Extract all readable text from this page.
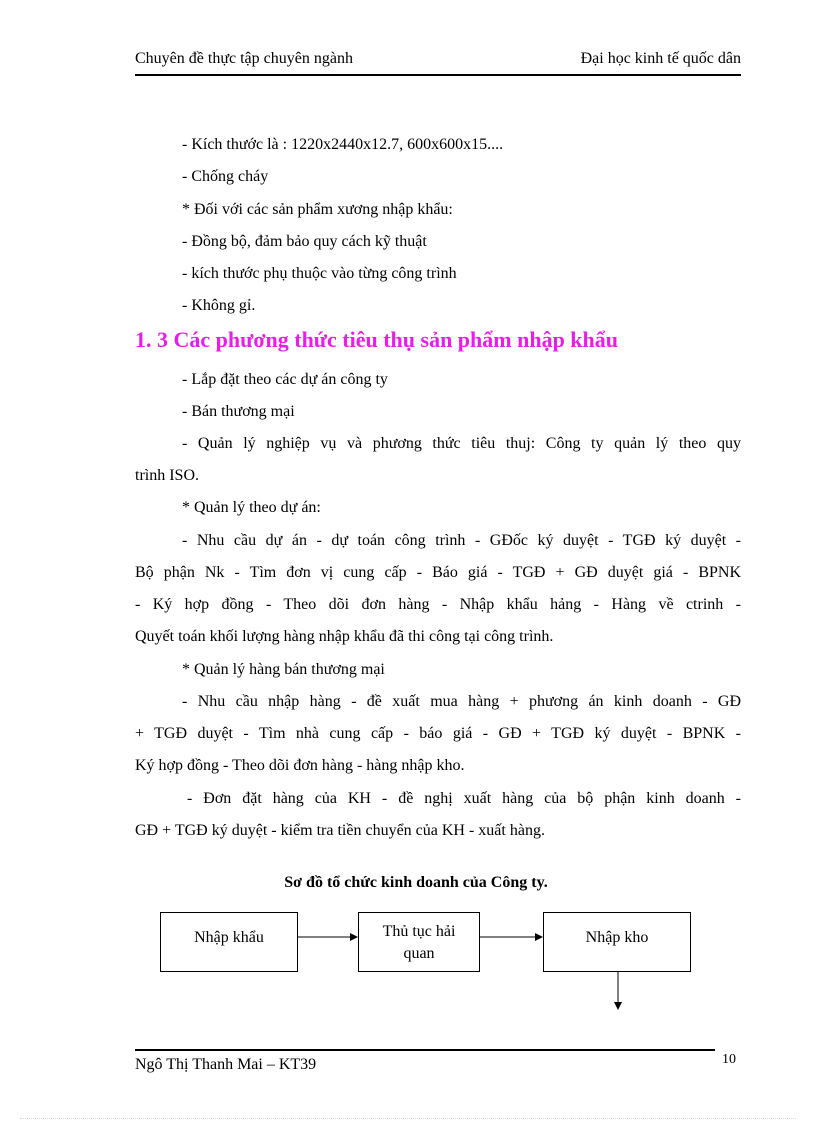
Chuyên đề thực tập chuyên ngành	Đại học kinh tế quốc dân
- Kích thước là : 1220x2440x12.7, 600x600x15....
- Chống cháy
* Đối với các sản phẩm xương nhập khẩu:
- Đồng bộ, đảm bảo quy cách kỹ thuật
- kích thước phụ thuộc vào từng công trình
- Không gỉ.
1. 3 Các phương thức tiêu thụ sản phẩm nhập khẩu
- Lắp đặt theo các dự án công ty
- Bán thương mại
- Quản lý nghiệp vụ và phương thức tiêu thuj: Công ty quản lý theo quy
trình ISO.
* Quản lý theo dự án:
- Nhu cầu dự án - dự toán công trình - GĐốc ký duyệt - TGĐ ký duyệt -
Bộ phận Nk - Tìm đơn vị cung cấp - Báo giá - TGĐ + GĐ duyệt giá - BPNK
- Ký hợp đồng - Theo dõi đơn hàng - Nhập khẩu hảng - Hàng về ctrinh -
Quyết toán khối lượng hàng nhập khẩu đã thi công tại công trình.
* Quản lý hàng bán thương mại
- Nhu cầu nhập hàng - đề xuất mua hàng + phương án kinh doanh - GĐ
+ TGĐ duyệt - Tìm nhà cung cấp - báo giá - GĐ + TGĐ ký duyệt - BPNK -
Ký hợp đồng - Theo dõi đơn hàng - hàng nhập kho.
- Đơn đặt hàng của KH - đề nghị xuất hàng của bộ phận kinh doanh -
GĐ + TGĐ ký duyệt - kiểm tra tiền chuyển của KH - xuất hàng.
Sơ đồ tổ chức kinh doanh của Công ty.
Nhập khẩu	Thủ tục hải
quan
Nhập kho
Ngô Thị Thanh Mai – KT39	10
